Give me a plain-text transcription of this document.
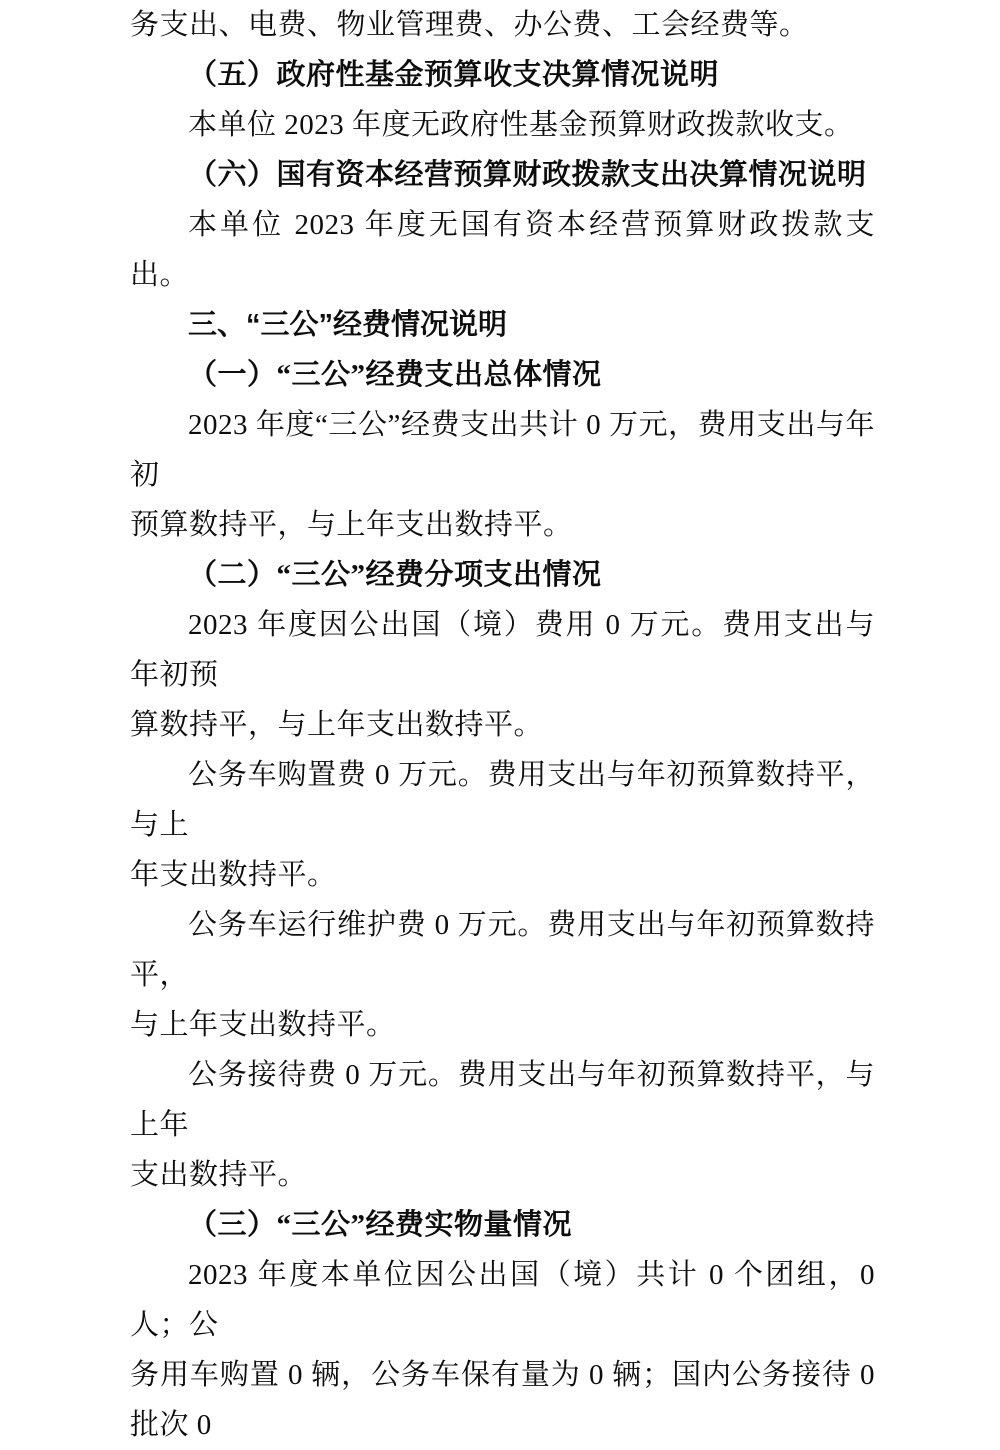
务支出、电费、物业管理费、办公费、工会经费等。

（五）政府性基金预算收支决算情况说明

本单位 2023 年度无政府性基金预算财政拨款收支。

（六）国有资本经营预算财政拨款支出决算情况说明

本单位 2023 年度无国有资本经营预算财政拨款支出。

三、“三公”经费情况说明

（一）“三公”经费支出总体情况

2023 年度“三公”经费支出共计 0 万元，费用支出与年初

预算数持平，与上年支出数持平。

（二）“三公”经费分项支出情况

2023 年度因公出国（境）费用 0 万元。费用支出与年初预

算数持平，与上年支出数持平。

公务车购置费 0 万元。费用支出与年初预算数持平，与上

年支出数持平。

公务车运行维护费 0 万元。费用支出与年初预算数持平，

与上年支出数持平。

公务接待费 0 万元。费用支出与年初预算数持平，与上年

支出数持平。

（三）“三公”经费实物量情况

2023 年度本单位因公出国（境）共计 0 个团组，0 人；公

务用车购置 0 辆，公务车保有量为 0 辆；国内公务接待 0 批次 0
